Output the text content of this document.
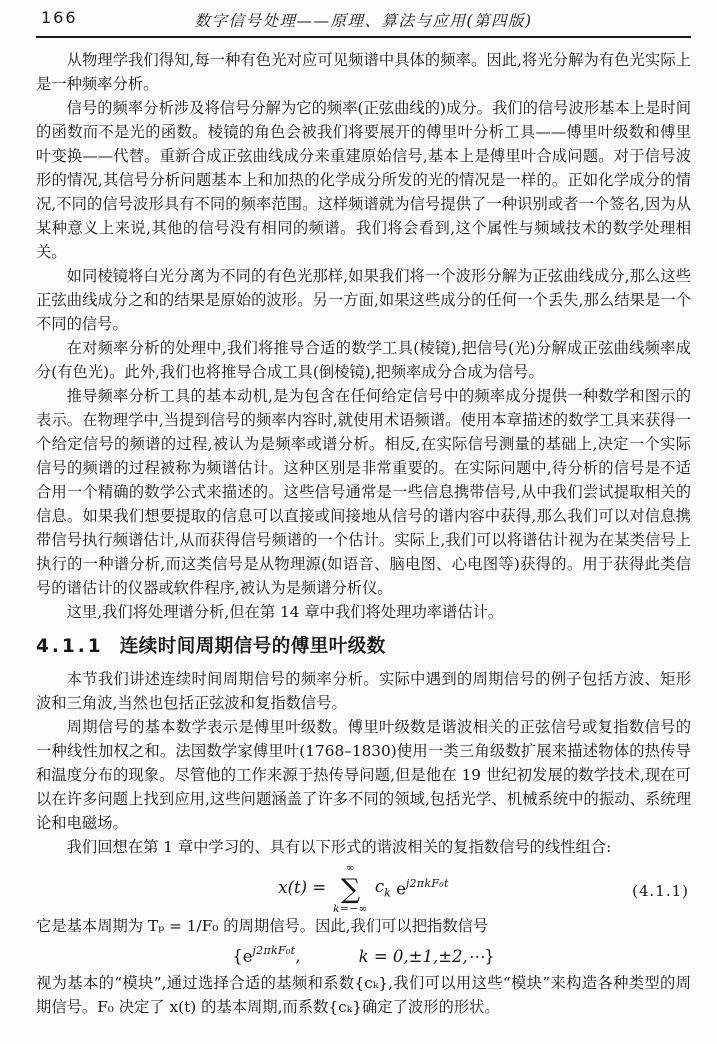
166	数字信号处理——原理、算法与应用(第四版)

从物理学我们得知,每一种有色光对应可见频谱中具体的频率。因此,将光分解为有色光实际上是一种频率分析。

信号的频率分析涉及将信号分解为它的频率(正弦曲线的)成分。我们的信号波形基本上是时间的函数而不是光的函数。棱镜的角色会被我们将要展开的傅里叶分析工具——傅里叶级数和傅里叶变换——代替。重新合成正弦曲线成分来重建原始信号,基本上是傅里叶合成问题。对于信号波形的情况,其信号分析问题基本上和加热的化学成分所发的光的情况是一样的。正如化学成分的情况,不同的信号波形具有不同的频率范围。这样频谱就为信号提供了一种识别或者一个签名,因为从某种意义上来说,其他的信号没有相同的频谱。我们将会看到,这个属性与频域技术的数学处理相关。

如同棱镜将白光分离为不同的有色光那样,如果我们将一个波形分解为正弦曲线成分,那么这些正弦曲线成分之和的结果是原始的波形。另一方面,如果这些成分的任何一个丢失,那么结果是一个不同的信号。

在对频率分析的处理中,我们将推导合适的数学工具(棱镜),把信号(光)分解成正弦曲线频率成分(有色光)。此外,我们也将推导合成工具(倒棱镜),把频率成分合成为信号。

推导频率分析工具的基本动机,是为包含在任何给定信号中的频率成分提供一种数学和图示的表示。在物理学中,当提到信号的频率内容时,就使用术语频谱。使用本章描述的数学工具来获得一个给定信号的频谱的过程,被认为是频率或谱分析。相反,在实际信号测量的基础上,决定一个实际信号的频谱的过程被称为频谱估计。这种区别是非常重要的。在实际问题中,待分析的信号是不适合用一个精确的数学公式来描述的。这些信号通常是一些信息携带信号,从中我们尝试提取相关的信息。如果我们想要提取的信息可以直接或间接地从信号的谱内容中获得,那么我们可以对信息携带信号执行频谱估计,从而获得信号频谱的一个估计。实际上,我们可以将谱估计视为在某类信号上执行的一种谱分析,而这类信号是从物理源(如语音、脑电图、心电图等)获得的。用于获得此类信号的谱估计的仪器或软件程序,被认为是频谱分析仪。

这里,我们将处理谱分析,但在第 14 章中我们将处理功率谱估计。

4.1.1 连续时间周期信号的傅里叶级数

本节我们讲述连续时间周期信号的频率分析。实际中遇到的周期信号的例子包括方波、矩形波和三角波,当然也包括正弦波和复指数信号。

周期信号的基本数学表示是傅里叶级数。傅里叶级数是谐波相关的正弦信号或复指数信号的一种线性加权之和。法国数学家傅里叶(1768–1830)使用一类三角级数扩展来描述物体的热传导和温度分布的现象。尽管他的工作来源于热传导问题,但是他在 19 世纪初发展的数学技术,现在可以在许多问题上找到应用,这些问题涵盖了许多不同的领域,包括光学、机械系统中的振动、系统理论和电磁场。

我们回想在第 1 章中学习的、具有以下形式的谐波相关的复指数信号的线性组合:

x(t) =
∞
∑
k=−∞
$c_k$
$e^{j2\pi kF_0t}$	(4.1.1)

它是基本周期为 Tₚ = 1/F₀ 的周期信号。因此,我们可以把指数信号

{$e^{j2\pi kF_0t}$,	k = 0,±1,±2,⋯}

视为基本的“模块”,通过选择合适的基频和系数{cₖ},我们可以用这些“模块”来构造各种类型的周期信号。F₀ 决定了 x(t) 的基本周期,而系数{cₖ}确定了波形的形状。
